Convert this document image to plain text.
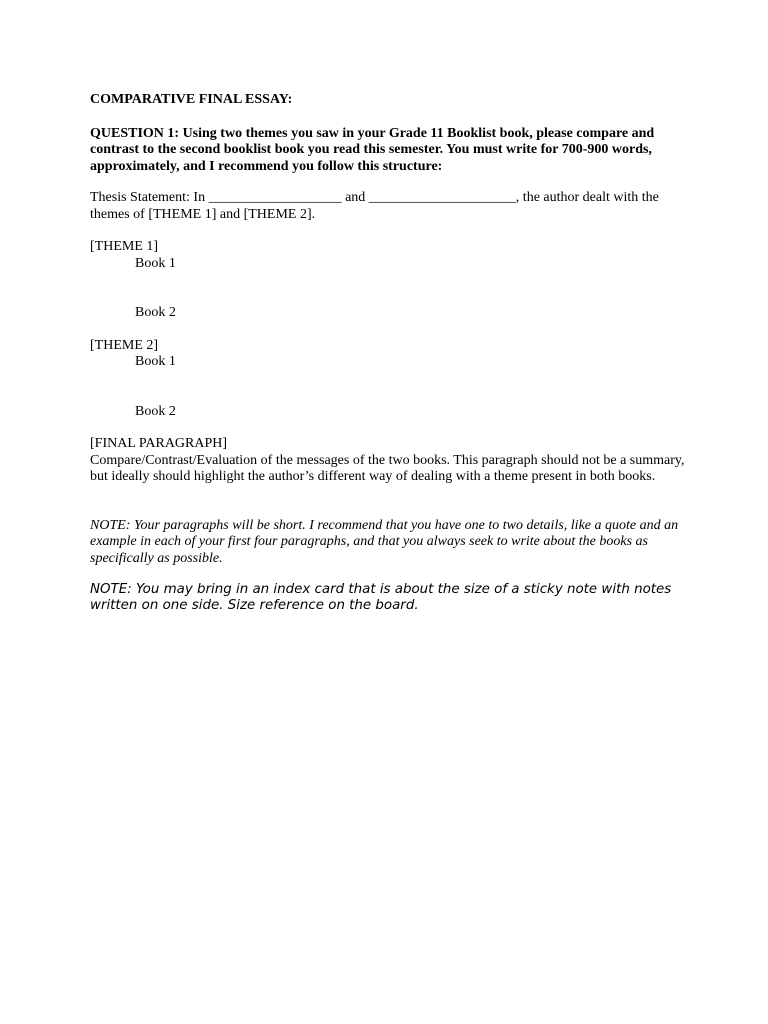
COMPARATIVE FINAL ESSAY:
QUESTION 1: Using two themes you saw in your Grade 11 Booklist book, please compare and
contrast to the second booklist book you read this semester. You must write for 700-900 words,
approximately, and I recommend you follow this structure:
Thesis Statement: In ___________________ and _____________________, the author dealt with the
themes of [THEME 1] and [THEME 2].
[THEME 1]
Book 1
Book 2
[THEME 2]
Book 1
Book 2
[FINAL PARAGRAPH]
Compare/Contrast/Evaluation of the messages of the two books. This paragraph should not be a summary,
but ideally should highlight the author’s different way of dealing with a theme present in both books.
NOTE: Your paragraphs will be short. I recommend that you have one to two details, like a quote and an
example in each of your first four paragraphs, and that you always seek to write about the books as
specifically as possible.
NOTE: You may bring in an index card that is about the size of a sticky note with notes
written on one side. Size reference on the board.
